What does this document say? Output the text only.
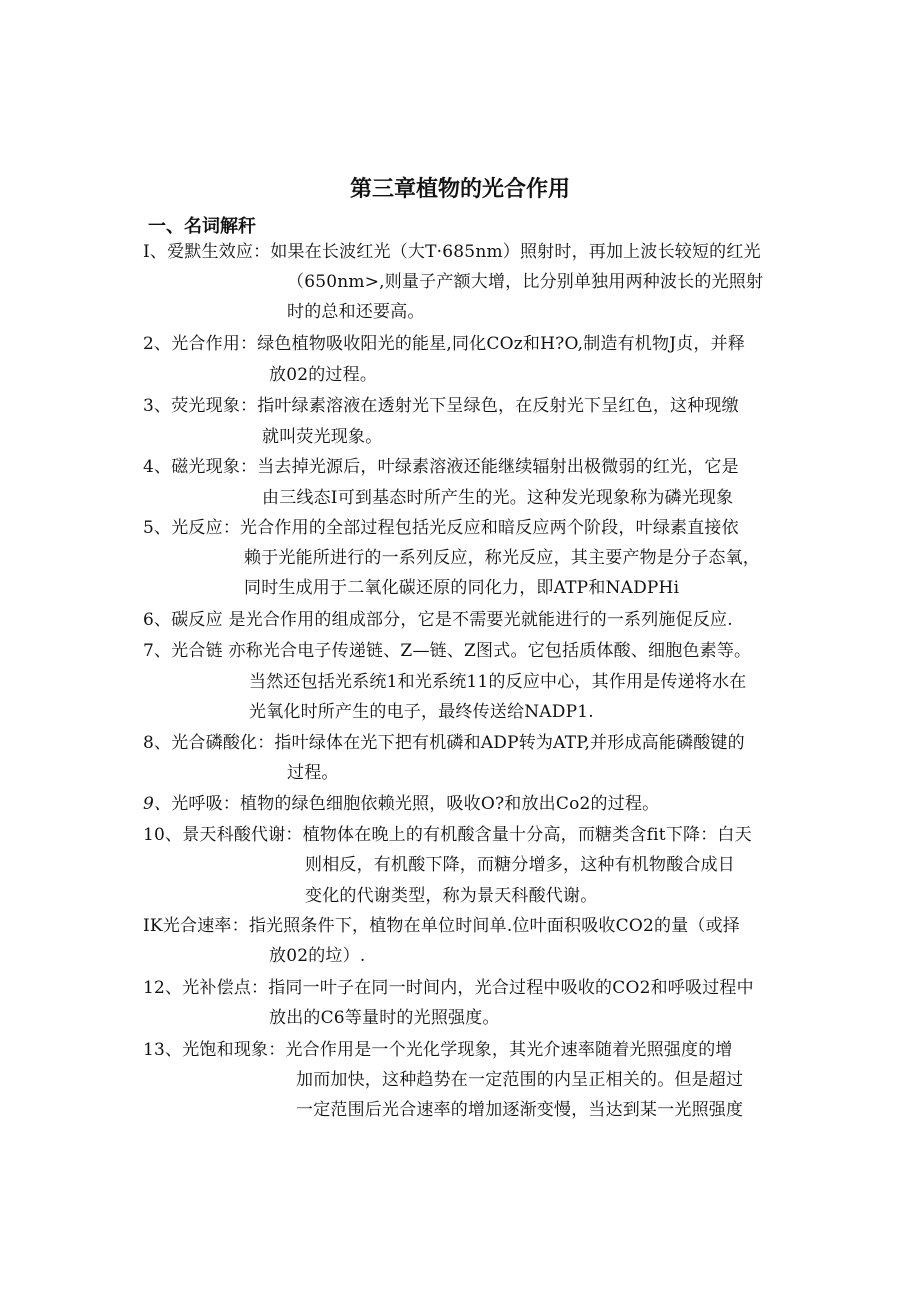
第三章植物的光合作用
一、名词解秆
I、爱默生效应：如果在长波红光（大T·685nm）照射时，再加上波长较短的红光
（650nm>,则量子产额大增，比分别单独用两种波长的光照射
时的总和还要高。
2、光合作用：绿色植物吸收阳光的能星,同化COz和H?O,制造有机物J贞，并释
放02的过程。
3、荧光现象：指叶绿素溶液在透射光下呈绿色，在反射光下呈红色，这种现缴
就叫荧光现象。
4、磁光现象：当去掉光源后，叶绿素溶液还能继续辐射出极微弱的红光，它是
由三线态I可到基态时所产生的光。这种发光现象称为磷光现象
5、光反应：光合作用的全部过程包括光反应和暗反应两个阶段，叶绿素直接依
赖于光能所进行的一系列反应，称光反应，其主要产物是分子态氧，
同时生成用于二氧化碳还原的同化力，即ATP和NADPHi
6、碳反应 是光合作用的组成部分，它是不需要光就能进行的一系列施促反应.
7、光合链 亦称光合电子传递链、Z—链、Z图式。它包括质体酸、细胞色素等。
当然还包括光系统1和光系统11的反应中心，其作用是传递将水在
光氧化时所产生的电子，最终传送给NADP1.
8、光合磷酸化：指叶绿体在光下把有机磷和ADP转为ATP,并形成高能磷酸键的
过程。
9、光呼吸：植物的绿色细胞依赖光照，吸收O?和放出Co2的过程。
10、景天科酸代谢：植物体在晚上的有机酸含量十分高，而糖类含fit下降：白天
则相反，有机酸下降，而糖分增多，这种有机物酸合成日
变化的代谢类型，称为景天科酸代谢。
IK光合速率：指光照条件下，植物在单位时间单.位叶面积吸收CO2的量（或择
放02的垃）.
12、光补偿点：指同一叶子在同一时间内，光合过程中吸收的CO2和呼吸过程中
放出的C6等量时的光照强度。
13、光饱和现象：光合作用是一个光化学现象，其光介速率随着光照强度的增
加而加快，这种趋势在一定范围的内呈正相关的。但是超过
一定范围后光合速率的增加逐渐变慢，当达到某一光照强度
